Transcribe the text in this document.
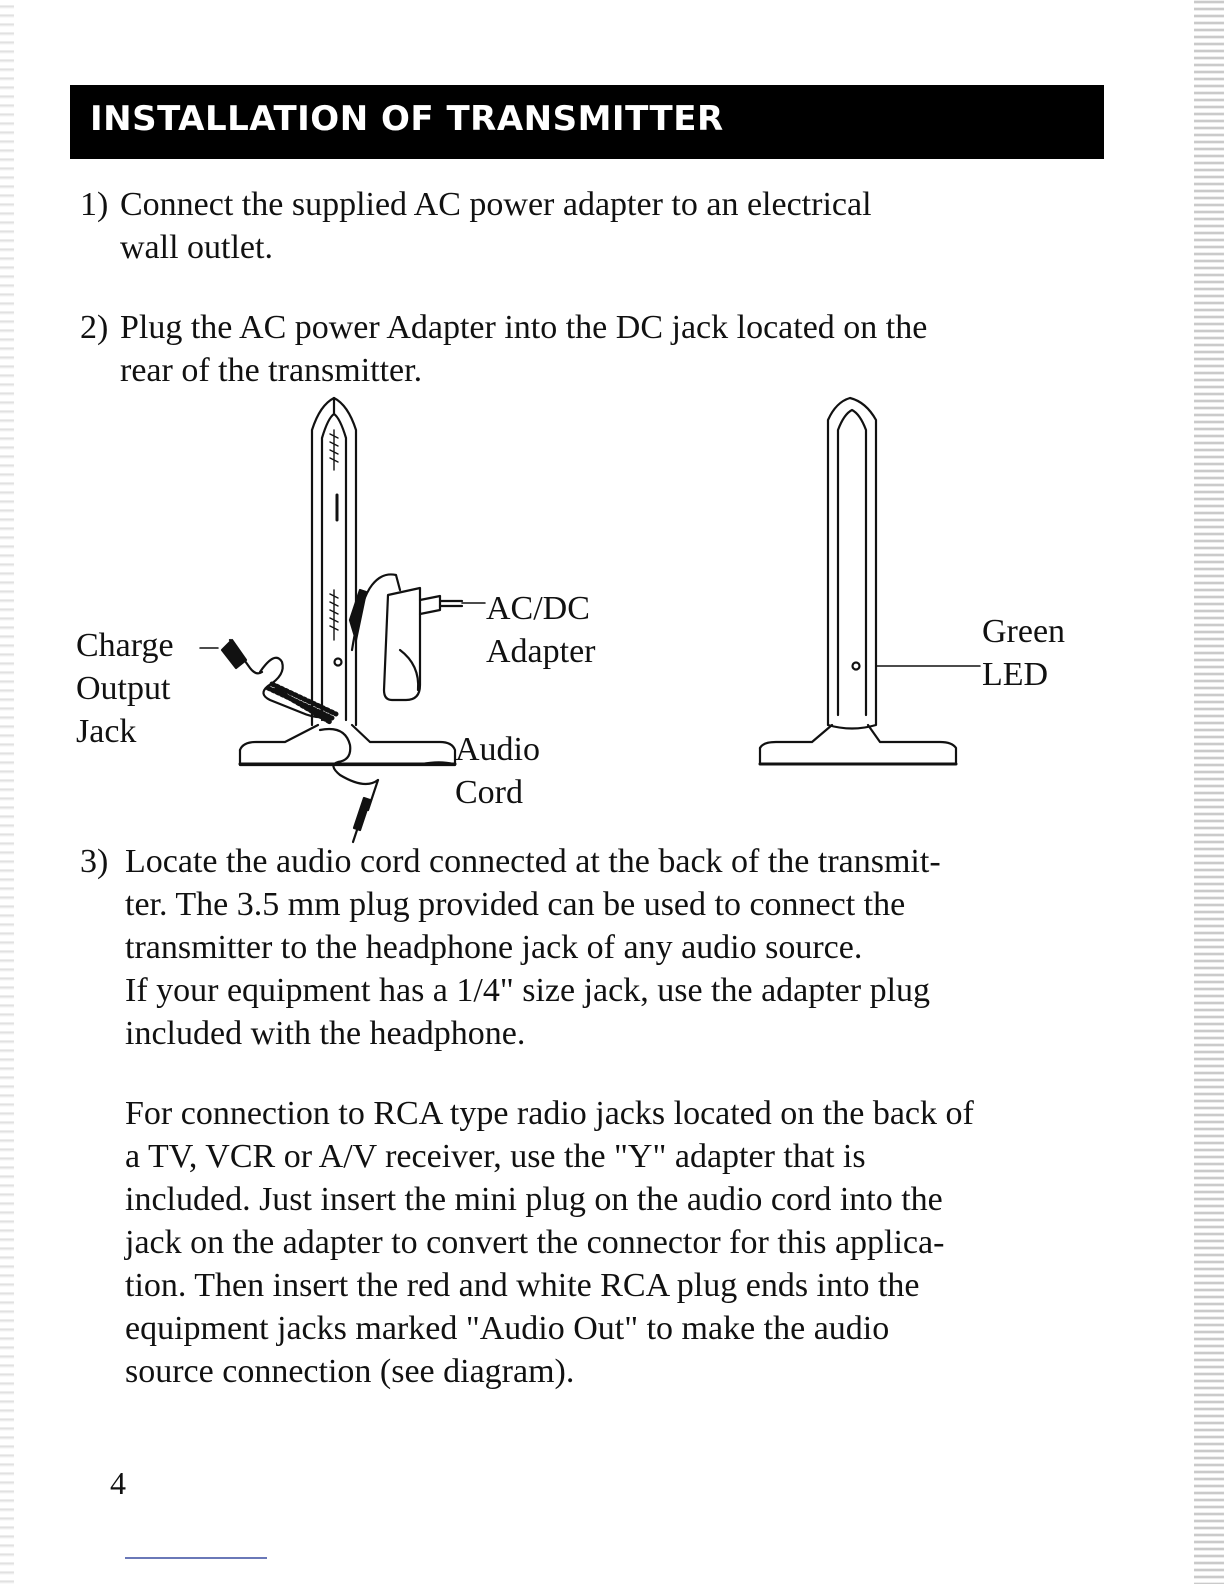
INSTALLATION OF TRANSMITTER
1) Connect the supplied AC power adapter to an electrical
wall outlet.
2) Plug the AC power Adapter into the DC jack located on the
rear of the transmitter.
Charge
Output
Jack
AC/DC
Adapter
Audio
Cord
Green
LED
3) Locate the audio cord connected at the back of the transmit-
ter. The 3.5 mm plug provided can be used to connect the
transmitter to the headphone jack of any audio source.
If your equipment has a 1/4" size jack, use the adapter plug
included with the headphone.
For connection to RCA type radio jacks located on the back of
a TV, VCR or A/V receiver, use the "Y" adapter that is
included. Just insert the mini plug on the audio cord into the
jack on the adapter to convert the connector for this applica-
tion. Then insert the red and white RCA plug ends into the
equipment jacks marked "Audio Out" to make the audio
source connection (see diagram).
4
